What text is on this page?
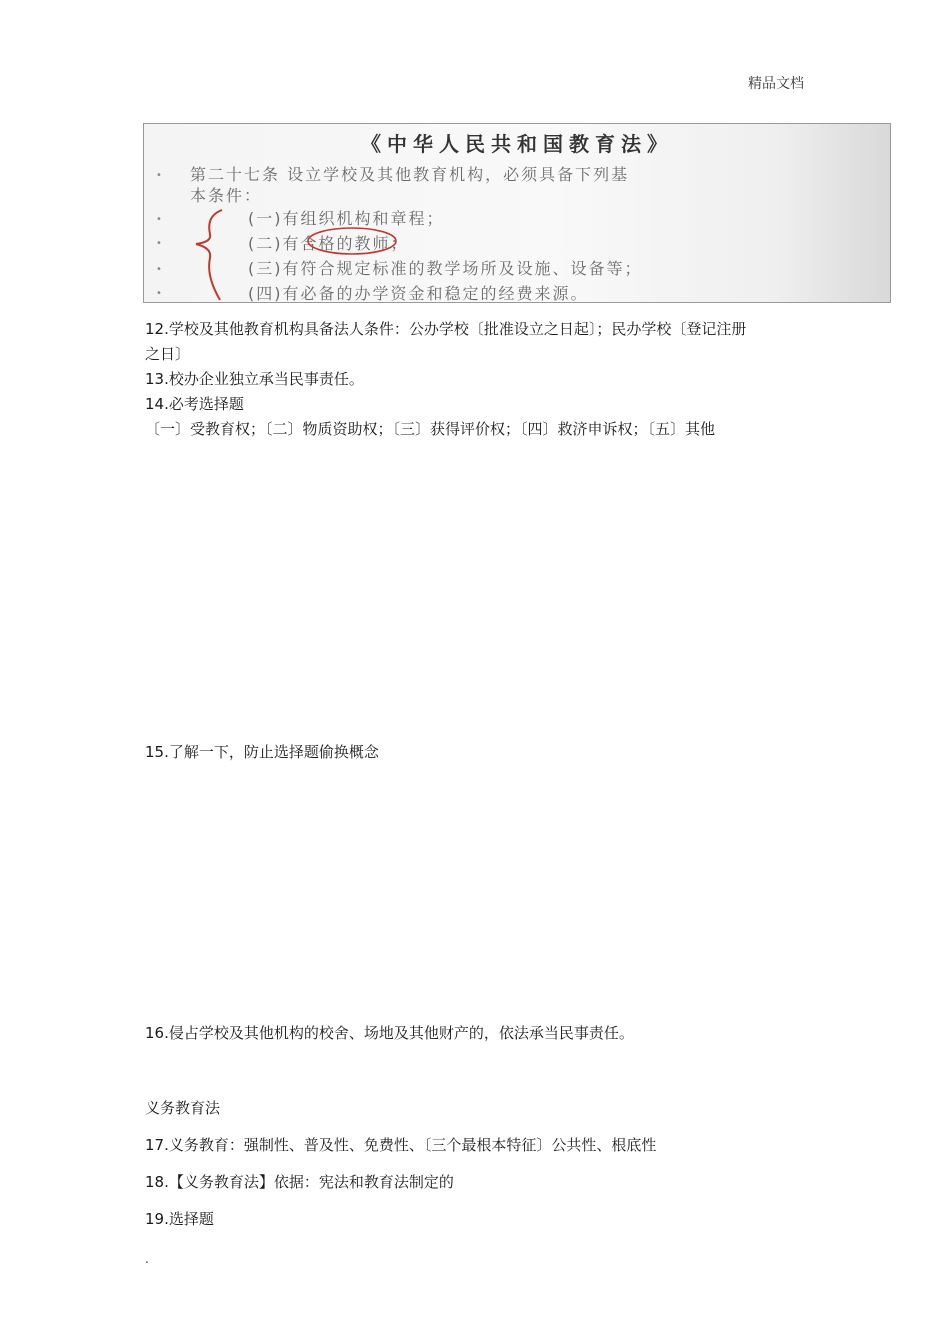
精品文档
《中华人民共和国教育法》
• 第二十七条 设立学校及其他教育机构，必须具备下列基
本条件：
•	(一)有组织机构和章程；
•	(二)有合格的教师；
•	(三)有符合规定标准的教学场所及设施、设备等；
•	(四)有必备的办学资金和稳定的经费来源。
12.学校及其他教育机构具备法人条件：公办学校〔批准设立之日起〕；民办学校〔登记注册
之日〕
13.校办企业独立承当民事责任。
14.必考选择题
〔一〕受教育权；〔二〕物质资助权；〔三〕获得评价权；〔四〕救济申诉权；〔五〕其他
15.了解一下，防止选择题偷换概念
16.侵占学校及其他机构的校舍、场地及其他财产的，依法承当民事责任。
义务教育法
17.义务教育：强制性、普及性、免费性、〔三个最根本特征〕公共性、根底性
18.【义务教育法】依据：宪法和教育法制定的
19.选择题
.
